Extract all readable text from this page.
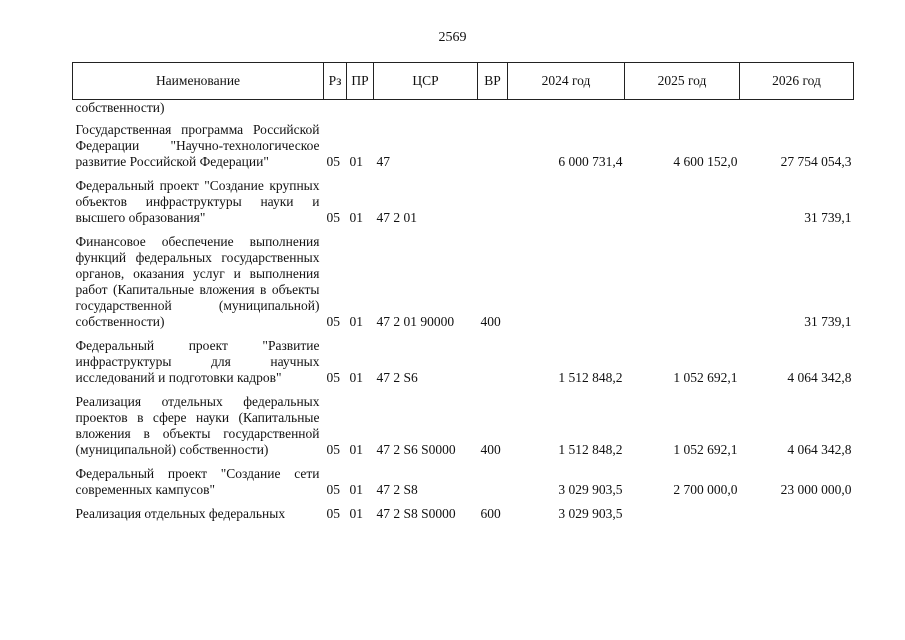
2569
Наименование	Рз	ПР	ЦСР	ВР	2024 год	2025 год	2026 год
собственности)							
Государственная программа Российской Федерации "Научно-технологическое развитие Российской Федерации"	05	01	47		6 000 731,4	4 600 152,0	27 754 054,3
Федеральный проект "Создание крупных объектов инфраструктуры науки и высшего образования"	05	01	47 2 01				31 739,1
Финансовое обеспечение выполнения функций федеральных государственных органов, оказания услуг и выполнения работ (Капитальные вложения в объекты государственной (муниципальной) собственности)	05	01	47 2 01 90000	400			31 739,1
Федеральный проект "Развитие инфраструктуры для научных исследований и подготовки кадров"	05	01	47 2 S6		1 512 848,2	1 052 692,1	4 064 342,8
Реализация отдельных федеральных проектов в сфере науки (Капитальные вложения в объекты государственной (муниципальной) собственности)	05	01	47 2 S6 S0000	400	1 512 848,2	1 052 692,1	4 064 342,8
Федеральный проект "Создание сети современных кампусов"	05	01	47 2 S8		3 029 903,5	2 700 000,0	23 000 000,0
Реализация отдельных федеральных	05	01	47 2 S8 S0000	600	3 029 903,5		
